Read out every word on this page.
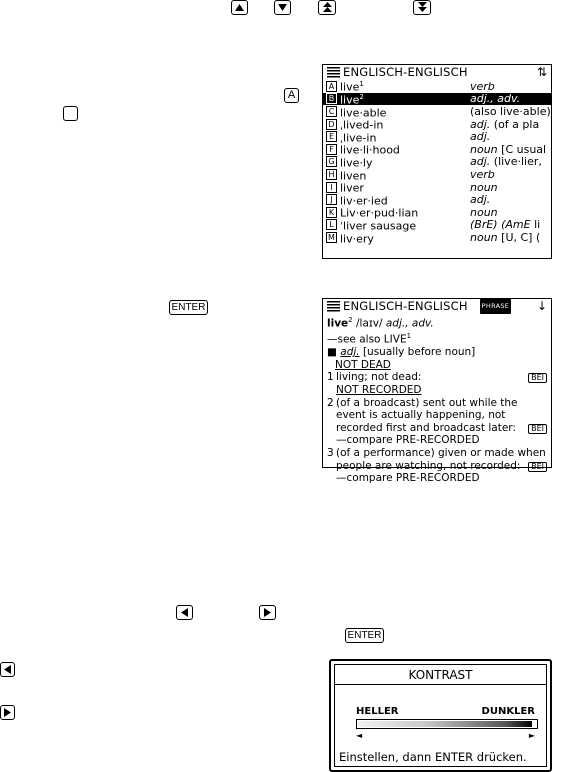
A
ENGLISCH-ENGLISCH	⇅
A live$^1$	verb
B live$^2$	adj., adv.
C live·able	(also live·able)
D ˌlived-in	adj. (of a pla
E ˌlive-in	adj.
F live·li·hood	noun [C usual
G live·ly	adj. (live·lier,
H liven	verb
I liver	noun
J liv·er·ied	adj.
K Liv·er·pud·lian	noun
L ˈliver sausage	(BrE) (AmE li
M liv·ery	noun [U, C] (
ENTER	ENGLISCH-ENGLISCH	PHRASE ↓
live$^2$ /laɪv/ adj., adv.
—see also LIVE$^1$
■ adj. [usually before noun]
NOT DEAD
1 living; not dead:	BEI
NOT RECORDED
2 (of a broadcast) sent out while the
event is actually happening, not
recorded first and broadcast later:	BEI
—compare PRE-RECORDED
3 (of a performance) given or made when
people are watching, not recorded:	BEI
—compare PRE-RECORDED
ENTER
KONTRAST
HELLER	DUNKLER
◄	►
Einstellen, dann ENTER drücken.
